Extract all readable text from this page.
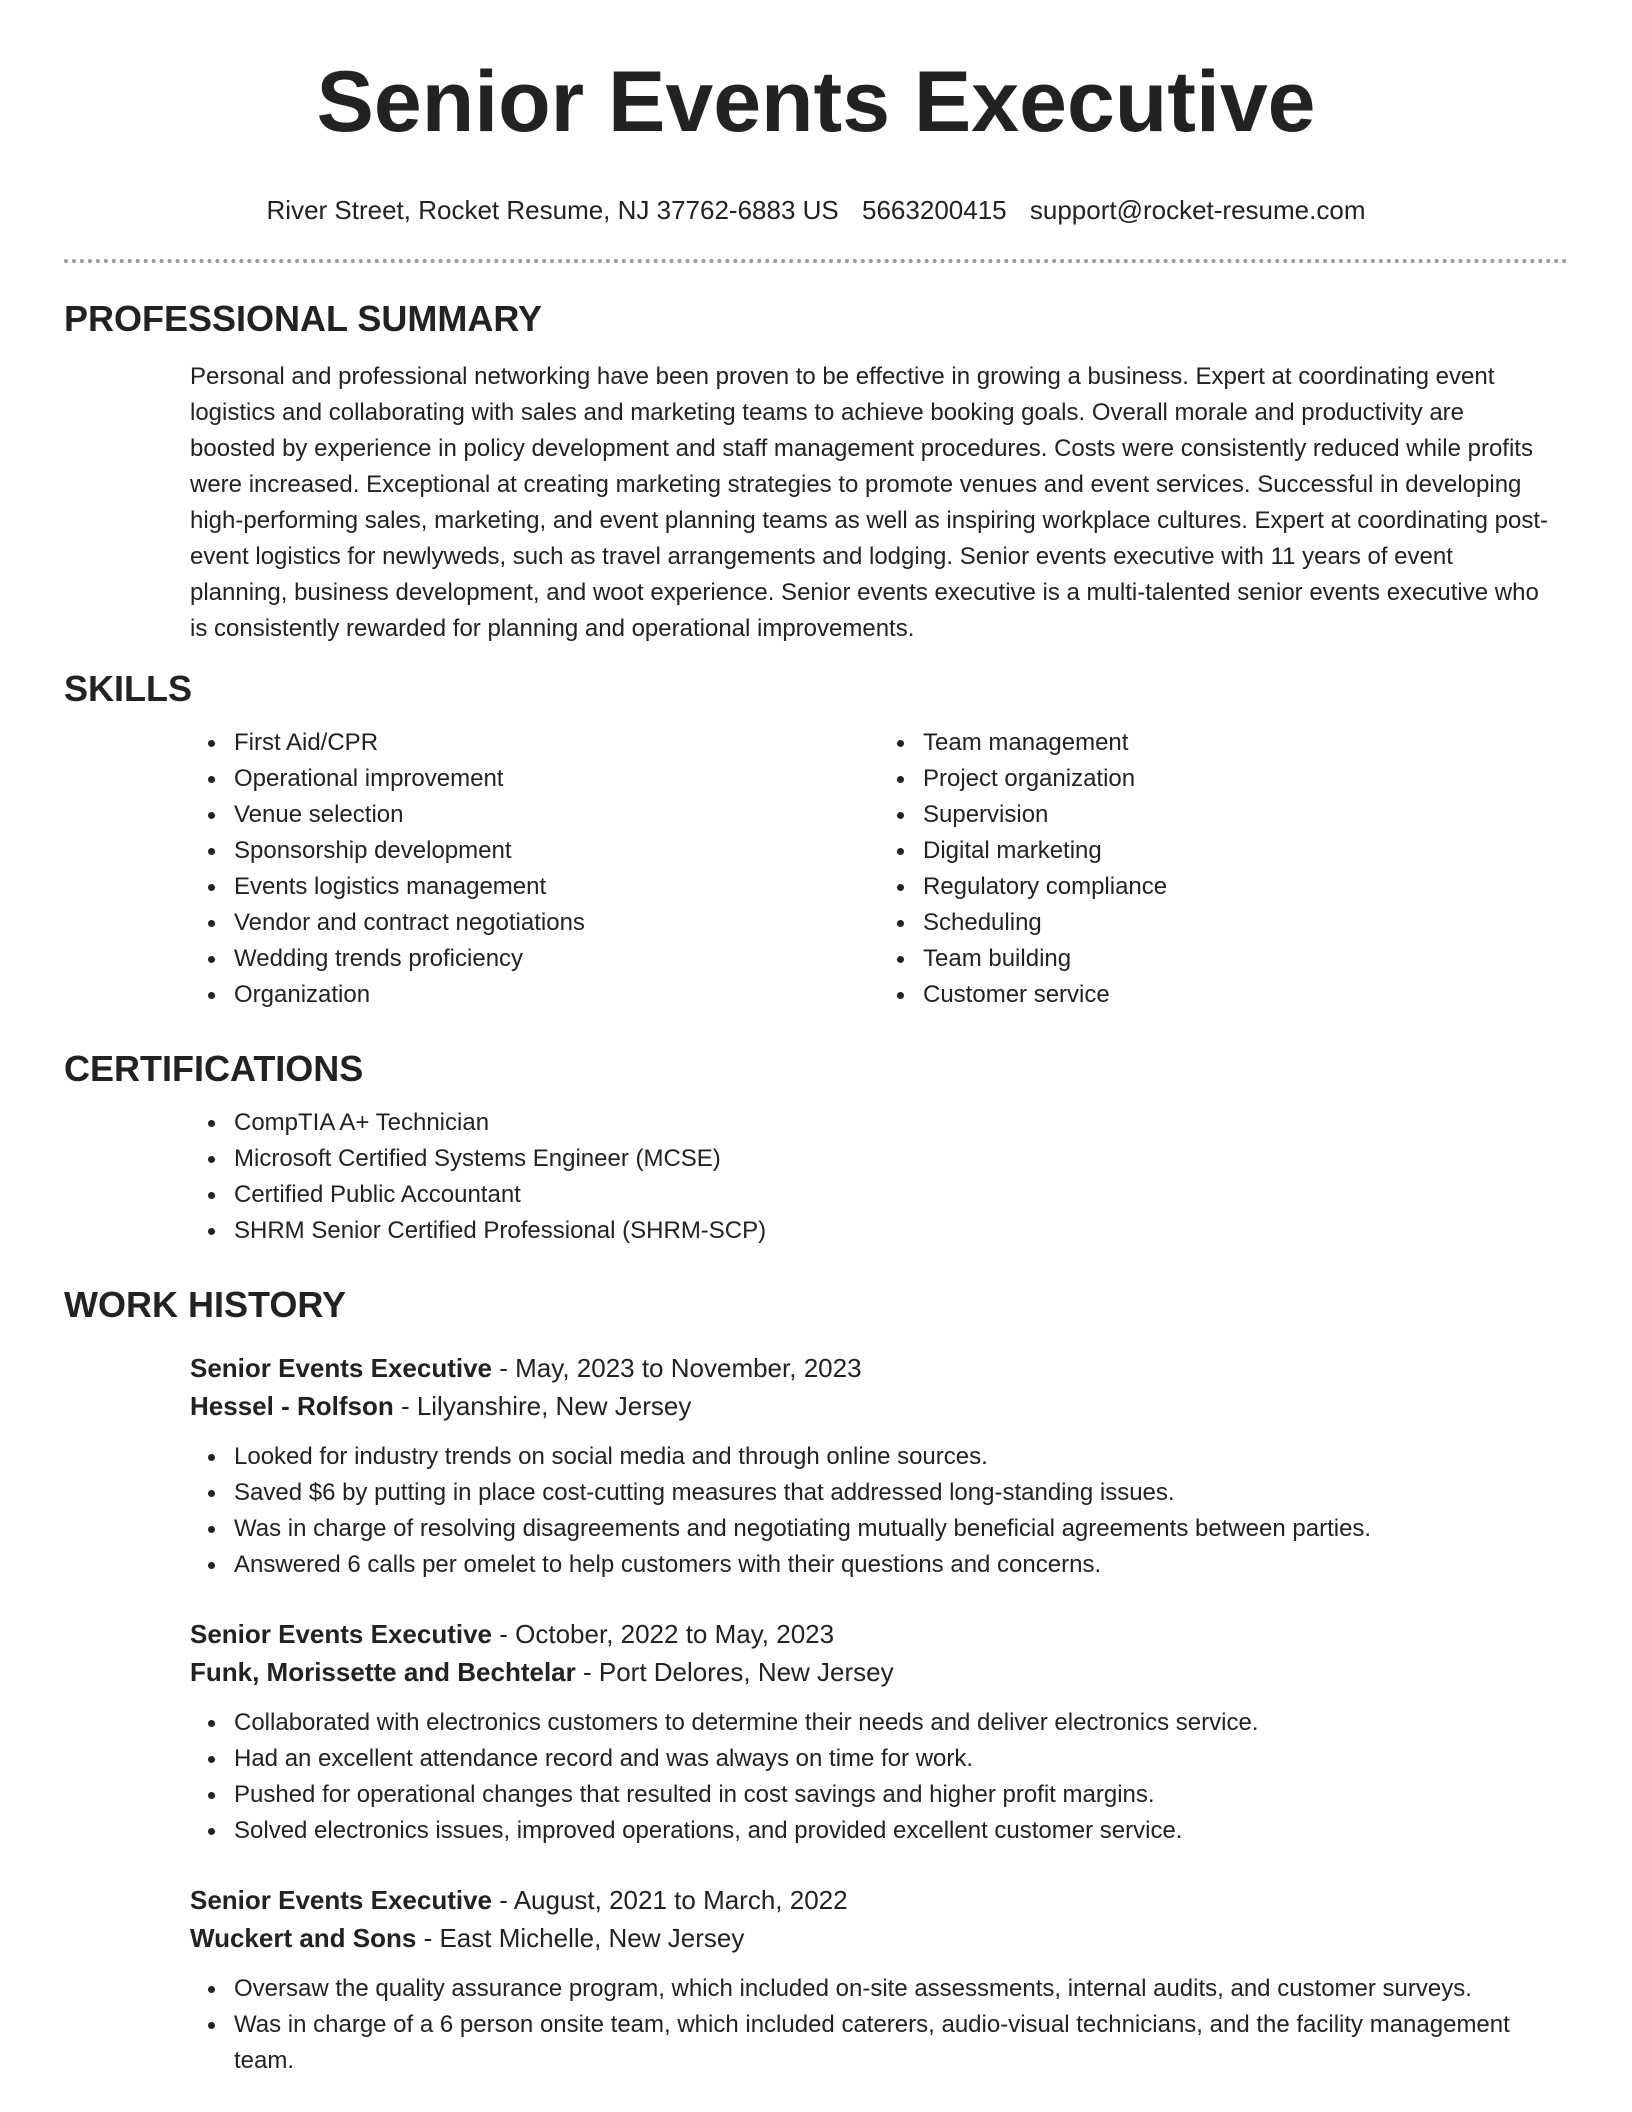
Senior Events Executive
River Street, Rocket Resume, NJ 37762-6883 US 5663200415 support@rocket-resume.com
PROFESSIONAL SUMMARY

Personal and professional networking have been proven to be effective in growing a business. Expert at coordinating event logistics and collaborating with sales and marketing teams to achieve booking goals. Overall morale and productivity are boosted by experience in policy development and staff management procedures. Costs were consistently reduced while profits were increased. Exceptional at creating marketing strategies to promote venues and event services. Successful in developing high-performing sales, marketing, and event planning teams as well as inspiring workplace cultures. Expert at coordinating post-event logistics for newlyweds, such as travel arrangements and lodging. Senior events executive with 11 years of event planning, business development, and woot experience. Senior events executive is a multi-talented senior events executive who is consistently rewarded for planning and operational improvements.

SKILLS
First Aid/CPR
Operational improvement
Venue selection
Sponsorship development
Events logistics management
Vendor and contract negotiations
Wedding trends proficiency
Organization
Team management
Project organization
Supervision
Digital marketing
Regulatory compliance
Scheduling
Team building
Customer service
CERTIFICATIONS
CompTIA A+ Technician
Microsoft Certified Systems Engineer (MCSE)
Certified Public Accountant
SHRM Senior Certified Professional (SHRM-SCP)
WORK HISTORY
Senior Events Executive - May, 2023 to November, 2023
Hessel - Rolfson - Lilyanshire, New Jersey
Looked for industry trends on social media and through online sources.
Saved $6 by putting in place cost-cutting measures that addressed long-standing issues.
Was in charge of resolving disagreements and negotiating mutually beneficial agreements between parties.
Answered 6 calls per omelet to help customers with their questions and concerns.
Senior Events Executive - October, 2022 to May, 2023
Funk, Morissette and Bechtelar - Port Delores, New Jersey
Collaborated with electronics customers to determine their needs and deliver electronics service.
Had an excellent attendance record and was always on time for work.
Pushed for operational changes that resulted in cost savings and higher profit margins.
Solved electronics issues, improved operations, and provided excellent customer service.
Senior Events Executive - August, 2021 to March, 2022
Wuckert and Sons - East Michelle, New Jersey
Oversaw the quality assurance program, which included on-site assessments, internal audits, and customer surveys.
Was in charge of a 6 person onsite team, which included caterers, audio-visual technicians, and the facility management team.
